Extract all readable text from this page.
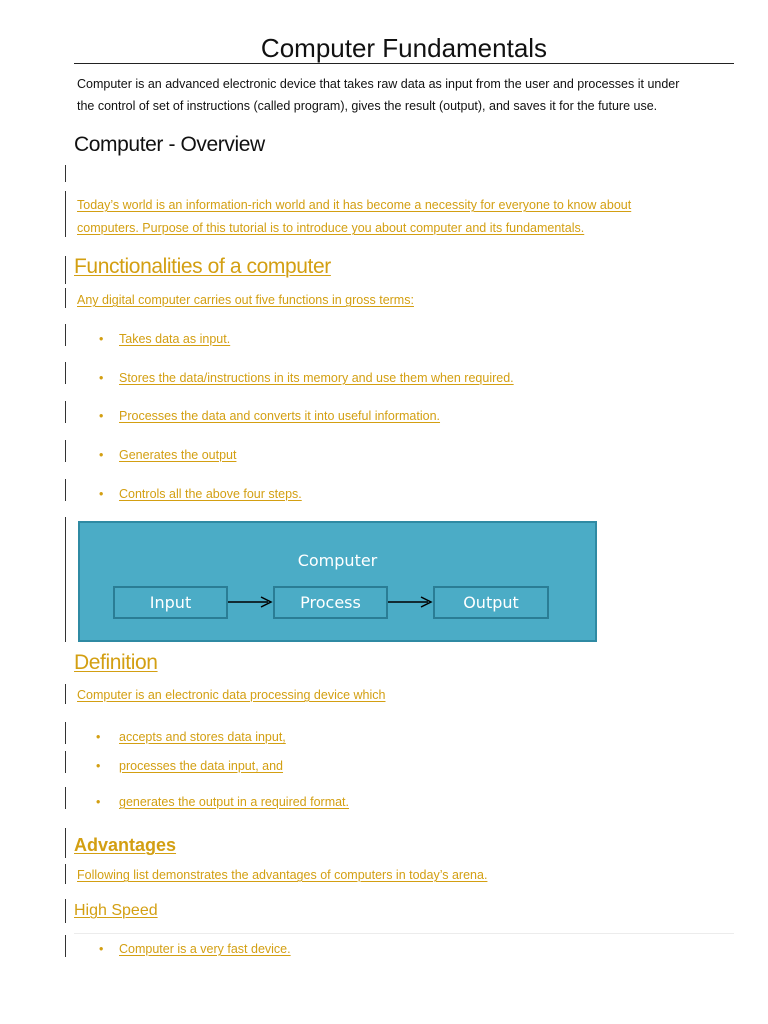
Computer Fundamentals
Computer is an advanced electronic device that takes raw data as input from the user and processes it under
the control of set of instructions (called program), gives the result (output), and saves it for the future use.
Computer - Overview
Today’s world is an information-rich world and it has become a necessity for everyone to know about
computers. Purpose of this tutorial is to introduce you about computer and its fundamentals.
Functionalities of a computer
Any digital computer carries out five functions in gross terms:
• Takes data as input.
• Stores the data/instructions in its memory and use them when required.
• Processes the data and converts it into useful information.
• Generates the output
• Controls all the above four steps.
Computer
Input	Process	Output
Definition
Computer is an electronic data processing device which
• accepts and stores data input,
• processes the data input, and
• generates the output in a required format.
Advantages
Following list demonstrates the advantages of computers in today’s arena.
High Speed
• Computer is a very fast device.
